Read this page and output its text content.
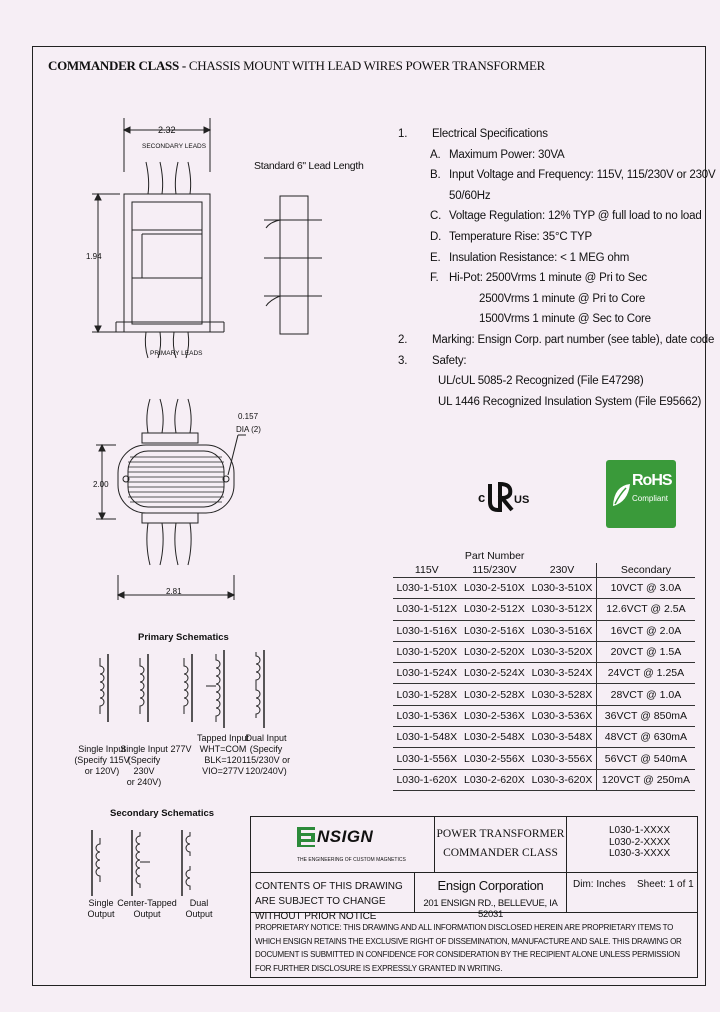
COMMANDER CLASS - CHASSIS MOUNT WITH LEAD WIRES POWER TRANSFORMER
2.32
SECONDARY LEADS
1.94
PRIMARY LEADS
Standard 6" Lead Length
0.157
DIA (2)
2.00
2.81
1. Electrical Specifications
A. Maximum Power: 30VA
B. Input Voltage and Frequency: 115V, 115/230V or 230V
50/60Hz
C. Voltage Regulation: 12% TYP @ full load to no load
D. Temperature Rise: 35°C TYP
E. Insulation Resistance: < 1 MEG ohm
F. Hi-Pot: 2500Vrms 1 minute @ Pri to Sec
2500Vrms 1 minute @ Pri to Core
1500Vrms 1 minute @ Sec to Core
2. Marking: Ensign Corp. part number (see table), date code
3. Safety:
UL/cUL 5085-2 Recognized (File E47298)
UL 1446 Recognized Insulation System (File E95662)
c	US
RoHS
Compliant
Part Number			
115V	115/230V	230V	Secondary
L030-1-510X	L030-2-510X	L030-3-510X	10VCT @ 3.0A
L030-1-512X	L030-2-512X	L030-3-512X	12.6VCT @ 2.5A
L030-1-516X	L030-2-516X	L030-3-516X	16VCT @ 2.0A
L030-1-520X	L030-2-520X	L030-3-520X	20VCT @ 1.5A
L030-1-524X	L030-2-524X	L030-3-524X	24VCT @ 1.25A
L030-1-528X	L030-2-528X	L030-3-528X	28VCT @ 1.0A
L030-1-536X	L030-2-536X	L030-3-536X	36VCT @ 850mA
L030-1-548X	L030-2-548X	L030-3-548X	48VCT @ 630mA
L030-1-556X	L030-2-556X	L030-3-556X	56VCT @ 540mA
L030-1-620X	L030-2-620X	L030-3-620X	120VCT @ 250mA
Primary Schematics
Single Input
(Specify 115V
or 120V)
Single Input
(Specify 230V
or 240V)
277V
Tapped Input
WHT=COM
BLK=120
VIO=277V
Dual Input
(Specify
115/230V or
120/240V)
Secondary Schematics
Single
Output
Center-Tapped
Output
Dual
Output
NSIGN
THE ENGINEERING OF CUSTOM MAGNETICS
POWER TRANSFORMER
COMMANDER CLASS
L030-1-XXXX
L030-2-XXXX
L030-3-XXXX
CONTENTS OF THIS DRAWING ARE SUBJECT TO CHANGE WITHOUT PRIOR NOTICE
Ensign Corporation
201 ENSIGN RD., BELLEVUE, IA 52031
Dim: Inches Sheet: 1 of 1
PROPRIETARY NOTICE: THIS DRAWING AND ALL INFORMATION DISCLOSED HEREIN ARE PROPRIETARY ITEMS TO WHICH ENSIGN RETAINS THE EXCLUSIVE RIGHT OF DISSEMINATION, MANUFACTURE AND SALE. THIS DRAWING OR DOCUMENT IS SUBMITTED IN CONFIDENCE FOR CONSIDERATION BY THE RECIPIENT ALONE UNLESS PERMISSION FOR FURTHER DISCLOSURE IS EXPRESSLY GRANTED IN WRITING.
